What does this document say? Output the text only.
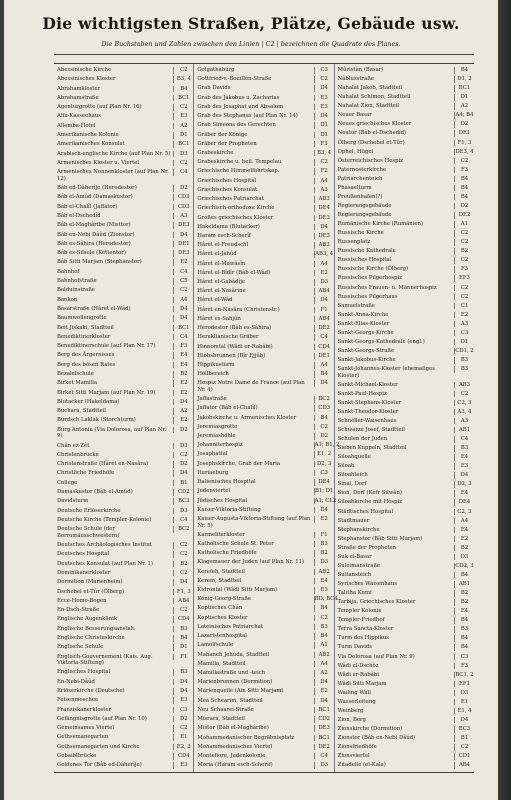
Die wichtigsten Straßen, Plätze, Gebäude usw.
Die Buchstaben und Zahlen zwischen den Linien | C2 | bezeichnen die Quadrate des Planes.
Abessinische Kirche	C2
Abessinisches Kloster	B3, 4
Abrahamkloster	B4
Abrahamstraße	BC1
Agenturgrotte (auf Plan Nr. 16)	C2
Alfa-Kasseehaus	E3
Allemba-Hotel	A2
Amerikanische Kolonie	D1
Amerikanisches Konsulat	BC1
Arabisch-englische Kirche (auf Plan Nr. 5)	D3
Armenisches Kloster u. Viertel	C2
Armenisches Nonnenkloster (auf Plan Nr. 12)
C4
Bâb ed-Dâherîje (Herodestor)	D2
Bâb el-Amûd (Damaskustor)	CD3
Bâb el-Chalîl (Jaffator)	CD3
Bâb el-Dschedîd	A3
Bâb el-Maghâribe (Misttor)	DE3
Bâb en-Nebi Dâûd (Zionstor)	D4
Bâb es-Sâhira (Herodestor)	DE1
Bâb es-Silsele (Kettentor)	DE3
Bâb Sitti Marjam (Stephanstor)	E2
Bahnhof	C4
Bahnhofstraße	C5
Balduinstraße	C2
Bankon	A4
Basarstraße (Hâret el-Wâd)	D4
Baumwollengrotte	D4
Beit Jiskaki, Stadtteil	BC1
Benediktinerkloster	C4
Benediktinerschule (auf Plan Nr. 17)	F3
Berg des Ärgernisses	E4
Berg des bösen Rates	E4
Bezalelschule	B2
Birket Mamilla	E2
Birket Sitti Marjam (auf Plan Nr. 19)	E2
Blutacker (Hakeldama)	D4
Buchara, Stadtteil	A2
Burdsch Laklak (Storchturm)	E2
Burg Antonia (Via Dolorosa, auf Plan Nr. 9)
D2
Chân ez-Zêt	D3
Christenbrücke	C2
Christenstraße (Hâret en-Nasâra)	D2
Christliche Friedhöfe	D4
College	B1
Damaskustor (Bâb el-Amûd)	CD2
Davidsturm	BC3
Deutsche Erlöserkirche	D3
Deutsche Kirche (Templer-Kolonie)	C4
Deutsche Schule (der Borromäusschwestern)
BC2
Deutsches Archäologisches Institut	C2
Deutsches Hospital	C2
Deutsches Konsulat (auf Plan Nr. 1)	B2
Dominikanerkloster	C2
Dormition (Marienheim)	D4
Dschebel et-Tûr (Ölberg)	F1, 3
Ecce-Homo-Bogen	AB4
En-Dsch-Straße	C2
Englische Augenklinik	CD4
Englische Besserungsanstalt	B3
Englische Christuskirche	B4
Englische Schule	D1
Englisch-Gouvernement (Kais. Aug. Viktoria-Stiftung)
F1
Englisches Hospital	B3
En-Nebi-Dâûd	D4
Erlöserkirche (Deutsche)	D4
Felsenmoschee	E3
Franziskanerkloster	C3
Gefängnisgrotte (auf Plan Nr. 10)	D2
Gemeinsames Viertel	C2
Gethsemanegarten	E1
Gethsemanegarten und Kirche	E2, 3
Gobaiblbrücke	CD4
Goldenes Tor (Bâb ed-Dâherîje)	E3
Golgathaburg	C3
Gottfried-v.-Bouillon-Straße	C2
Grab Davids	D4
Grab des Jakobus u. Zacharias	E3
Grab des Josaphat und Absalom	E3
Grab des Stephanus (auf Plan Nr. 14)	D4
Grab Simeons des Gerechten	D1
Gräber der Könige	D1
Gräber der Propheten	F3
Grabeskirche	B3, 4
Grabeskirche u. heil. Tempelau	C2
Griechische Himmelfahrtskap.	F2
Griechisches Hospital	A4
Griechisches Konsulat	A3
Griechisches Patriarchat	AB3
Griechisch-orthodoxe Kirche	DE4
Großes griechisches Kloster	DE3
Hakeldama (Blutacker)	D4
Haram esch-Scherîf	DE3
Hâret el-Freudschl	AB3
Hâret el-Jahûd	AB3, 4
Hâret el-Mawâsîn	A4
Hâret el-Bîdîr (Bâb el-Wâd)	E2
Hâret el-Gabâdîje	D3
Hâret el-Nasârine	AB4
Hâret el-Wâd	D4
Hâret en-Nasâra (Christenstr.)	F1
Hâret es-Sahjûn	AB4
Herodestor (Bâb es-Sâhira)	DE2
Heraklianische Gräber	C4
Hinnomtal (Wâdi er-Rabâbi)	CD4
Hiobsbrunnen (Bîr Ejjûb)	DE1
Hippikusturm	A4
Höllbereich	B4
Hospiz Notre Dame de France (auf Plan Nr. 4)
D4
Jaffastraße	BC2
Jaffator (Bâb el-Chalîl)	CD3
Jakobskirche u. Armenisches Kloster	B4
Jeremiasgrotte	C2
Jeremiashöhle	D2
Johanniterhospiz	A1; B1, 2
Josaphattal	E1, 2
Josephskirche, Grab der Maria	D2, 3
Ituriaeburg	C3
Italienisches Hospital	DE4
Judenviertel	B1; D1
Jüdisches Hospital	A1; CL2
Kaiser-Viktoria-Stiftung	E4
Kaiser-Augusta-Viktoria-Stiftung (auf Plan Nr. 5)
E2
Karmeliterkloster	F1
Katholische Schule St. Peter	B3
Katholische Friedhöfe	B2
Klagemauer der Juden (auf Plan Nr. 11)	D3
Kerefeh, Stadtteil	AB2
Kerem, Stadtteil	E4
Kidrontal (Wâdi Sitti Marjam)	E3
König-Georg-Straße	BD; BC4
Koptisches Chân	B4
Koptisches Kloster	C2
Lateinisches Patriarchat	B3
Lazaristenhospital	B4
Lamolfschule	A1
Mahaneh Jehuda, Stadtteil	AB2
Mamilla, Stadtteil	A4
Mamillastraße und -teich	A2
Marienbrunnen (Dormition)	D4
Marienquelle (Ain Sitti Marjam)	E2
Mea Schearim, Stadtteil	D4
Neu Schaarei-Straße	BC1
Misrara, Stadtteil	CD2
Mistor (Bâb el-Maghâribe)	DE3
Mohammedanischer Begräbnisplatz	BC1
Mohammedanisches Viertel	DE2
Montefiore, Judenkolonie	C4
Moria (Haram esch-Scherîf)	D3
Mûristân (Basar)	B4
Nâblusstraße	D1, 2
Nahalat Jakob, Stadtteil	BC1
Nahalat Schimon, Stadtteil	D1
Nahalat Zion, Stadtteil	A2
Neuer Basar	A4; B4
Neues griechisches Kloster	D2
Neutor (Bâb el-Dschedîd)	DE1
Ölberg (Dschebel et-Tûr)	F1, 3
Ophel, Hügel	DE3, 4
Österreichisches Hospiz	C2
Paternosterkirche	F3
Patriarchenteich	B4
Phasaelturm	B4
Preußenhafen(?)	B4
Regierungsgebäude	D2
Regierungsgebäude	DE2
Rumänische Kirche (Rumänien)	A1
Russische Kirche	C2
Russenplatz	C2
Russische Kathedrale	B2
Russisches Hospital	C2
Russische Kirche (Ölberg)	F3
Russisches Pilgerhospiz	EF3
Russisches Frauen- u. Männerhospiz	C2
Russisches Pilgerhaus	C2
Samuelstraße	C1
Sankt-Anna-Kirche	E2
Sankt-Elias-Kloster	A3
Sankt-Georgs-Kirche	C3
Sankt-Georgs-Kathedrale (engl.)	D1
Sankt-Georgs-Straße	CD1, 2
Sankt-Jakobus-Kirche	B3
Sankt-Johannes-Kloster (ehemaliges Kloster)
B3
Sankt-Michael-Kloster	AB3
Sankt-Paul-Hospiz	C2
Sankt-Stephans-Kloster	C2, 3
Sankt-Theodor-Kloster	A3, 4
Schneller-Waisenhaus	A3
Schwarze Josef, Stadtteil	AB1
Schulen der Juden	C4
Sieben Kuppeln, Stadtteil	B3
Siloahquelle	E4
Siloah	E3
Siloahteich	D4
Sinai, Dorf	D2, 3
Sion, Dorf (Kefr Silwân)	E4
Siloahkirche mit Hospiz	DE4
Städtisches Hospital	C2, 3
Stadtmauer	A4
Stephanskirche	E4
Stephanstor (Bâb Sitti Marjam)	E2
Straße der Propheten	B2
Suk el-Basar	D3
Suleimanstraße	CD2, 3
Sultansteich	B4
Syrisches Waisenhaus	AB1
Talitha Kumi	B2
Tarbija, Griechisches Kloster	B2
Templer Kolonie	E4
Templer-Friedhof	B4
Terra Sancta-Kloster	B3
Turm des Hippikus	B4
Turm Davids	B4
Via Dolorosa (auf Plan Nr. 9)	C3
Wâdi el-Dschôz	F3
Wâdi er-Rabâbi	BC1, 2
Wâdi Sitti Marjam	EF1
Wailing Wall	D3
Wasserleitung	E1
Weinberg	E1, 4
Zion, Berg	D4
Zionskirche (Dormition)	BC3
Zionstor (Bâb en-Nebi Dâûd)	B1
Zionsfriedhöfe	C2
Zionsviertel	CD1
Zitadelle (el-Kala)	AB4
